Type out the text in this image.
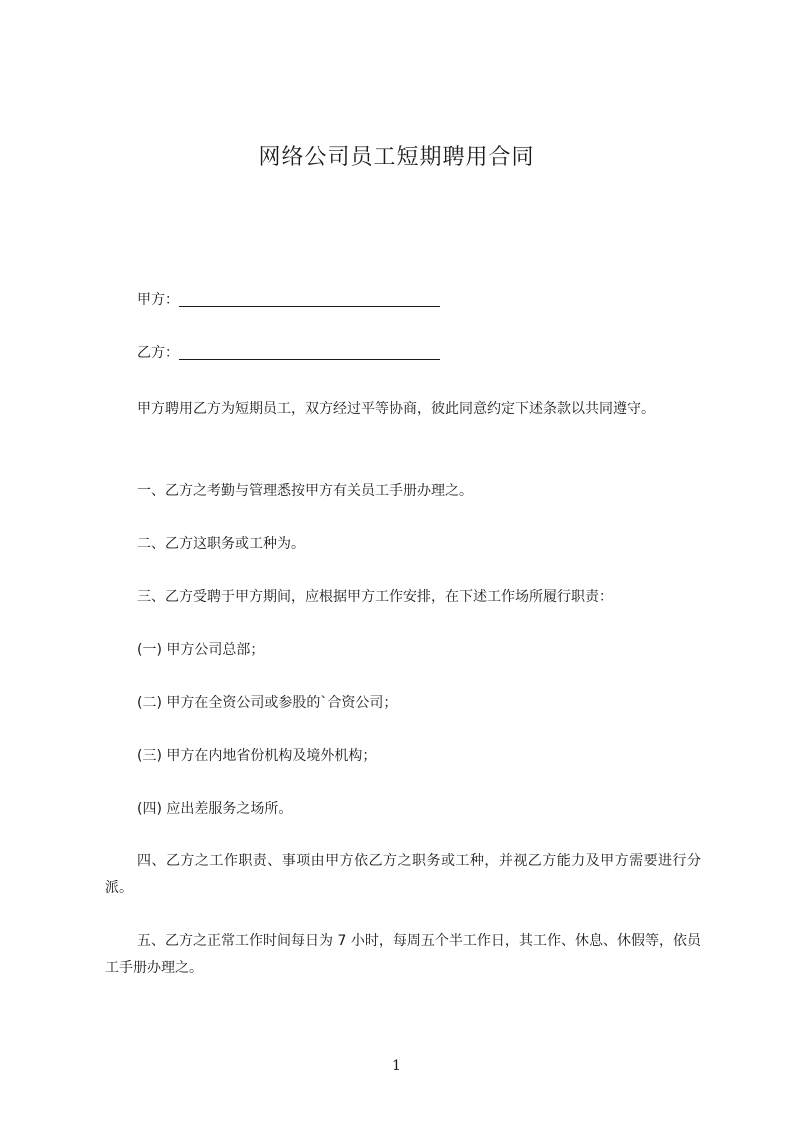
网络公司员工短期聘用合同
甲方：
乙方：
甲方聘用乙方为短期员工，双方经过平等协商，彼此同意约定下述条款以共同遵守。
一、乙方之考勤与管理悉按甲方有关员工手册办理之。
二、乙方这职务或工种为。
三、乙方受聘于甲方期间，应根据甲方工作安排，在下述工作场所履行职责：
(一) 甲方公司总部；
(二) 甲方在全资公司或参股的`合资公司；
(三) 甲方在内地省份机构及境外机构；
(四) 应出差服务之场所。
四、乙方之工作职责、事项由甲方依乙方之职务或工种，并视乙方能力及甲方需要进行分派。
五、乙方之正常工作时间每日为 7 小时，每周五个半工作日，其工作、休息、休假等，依员工手册办理之。
1
